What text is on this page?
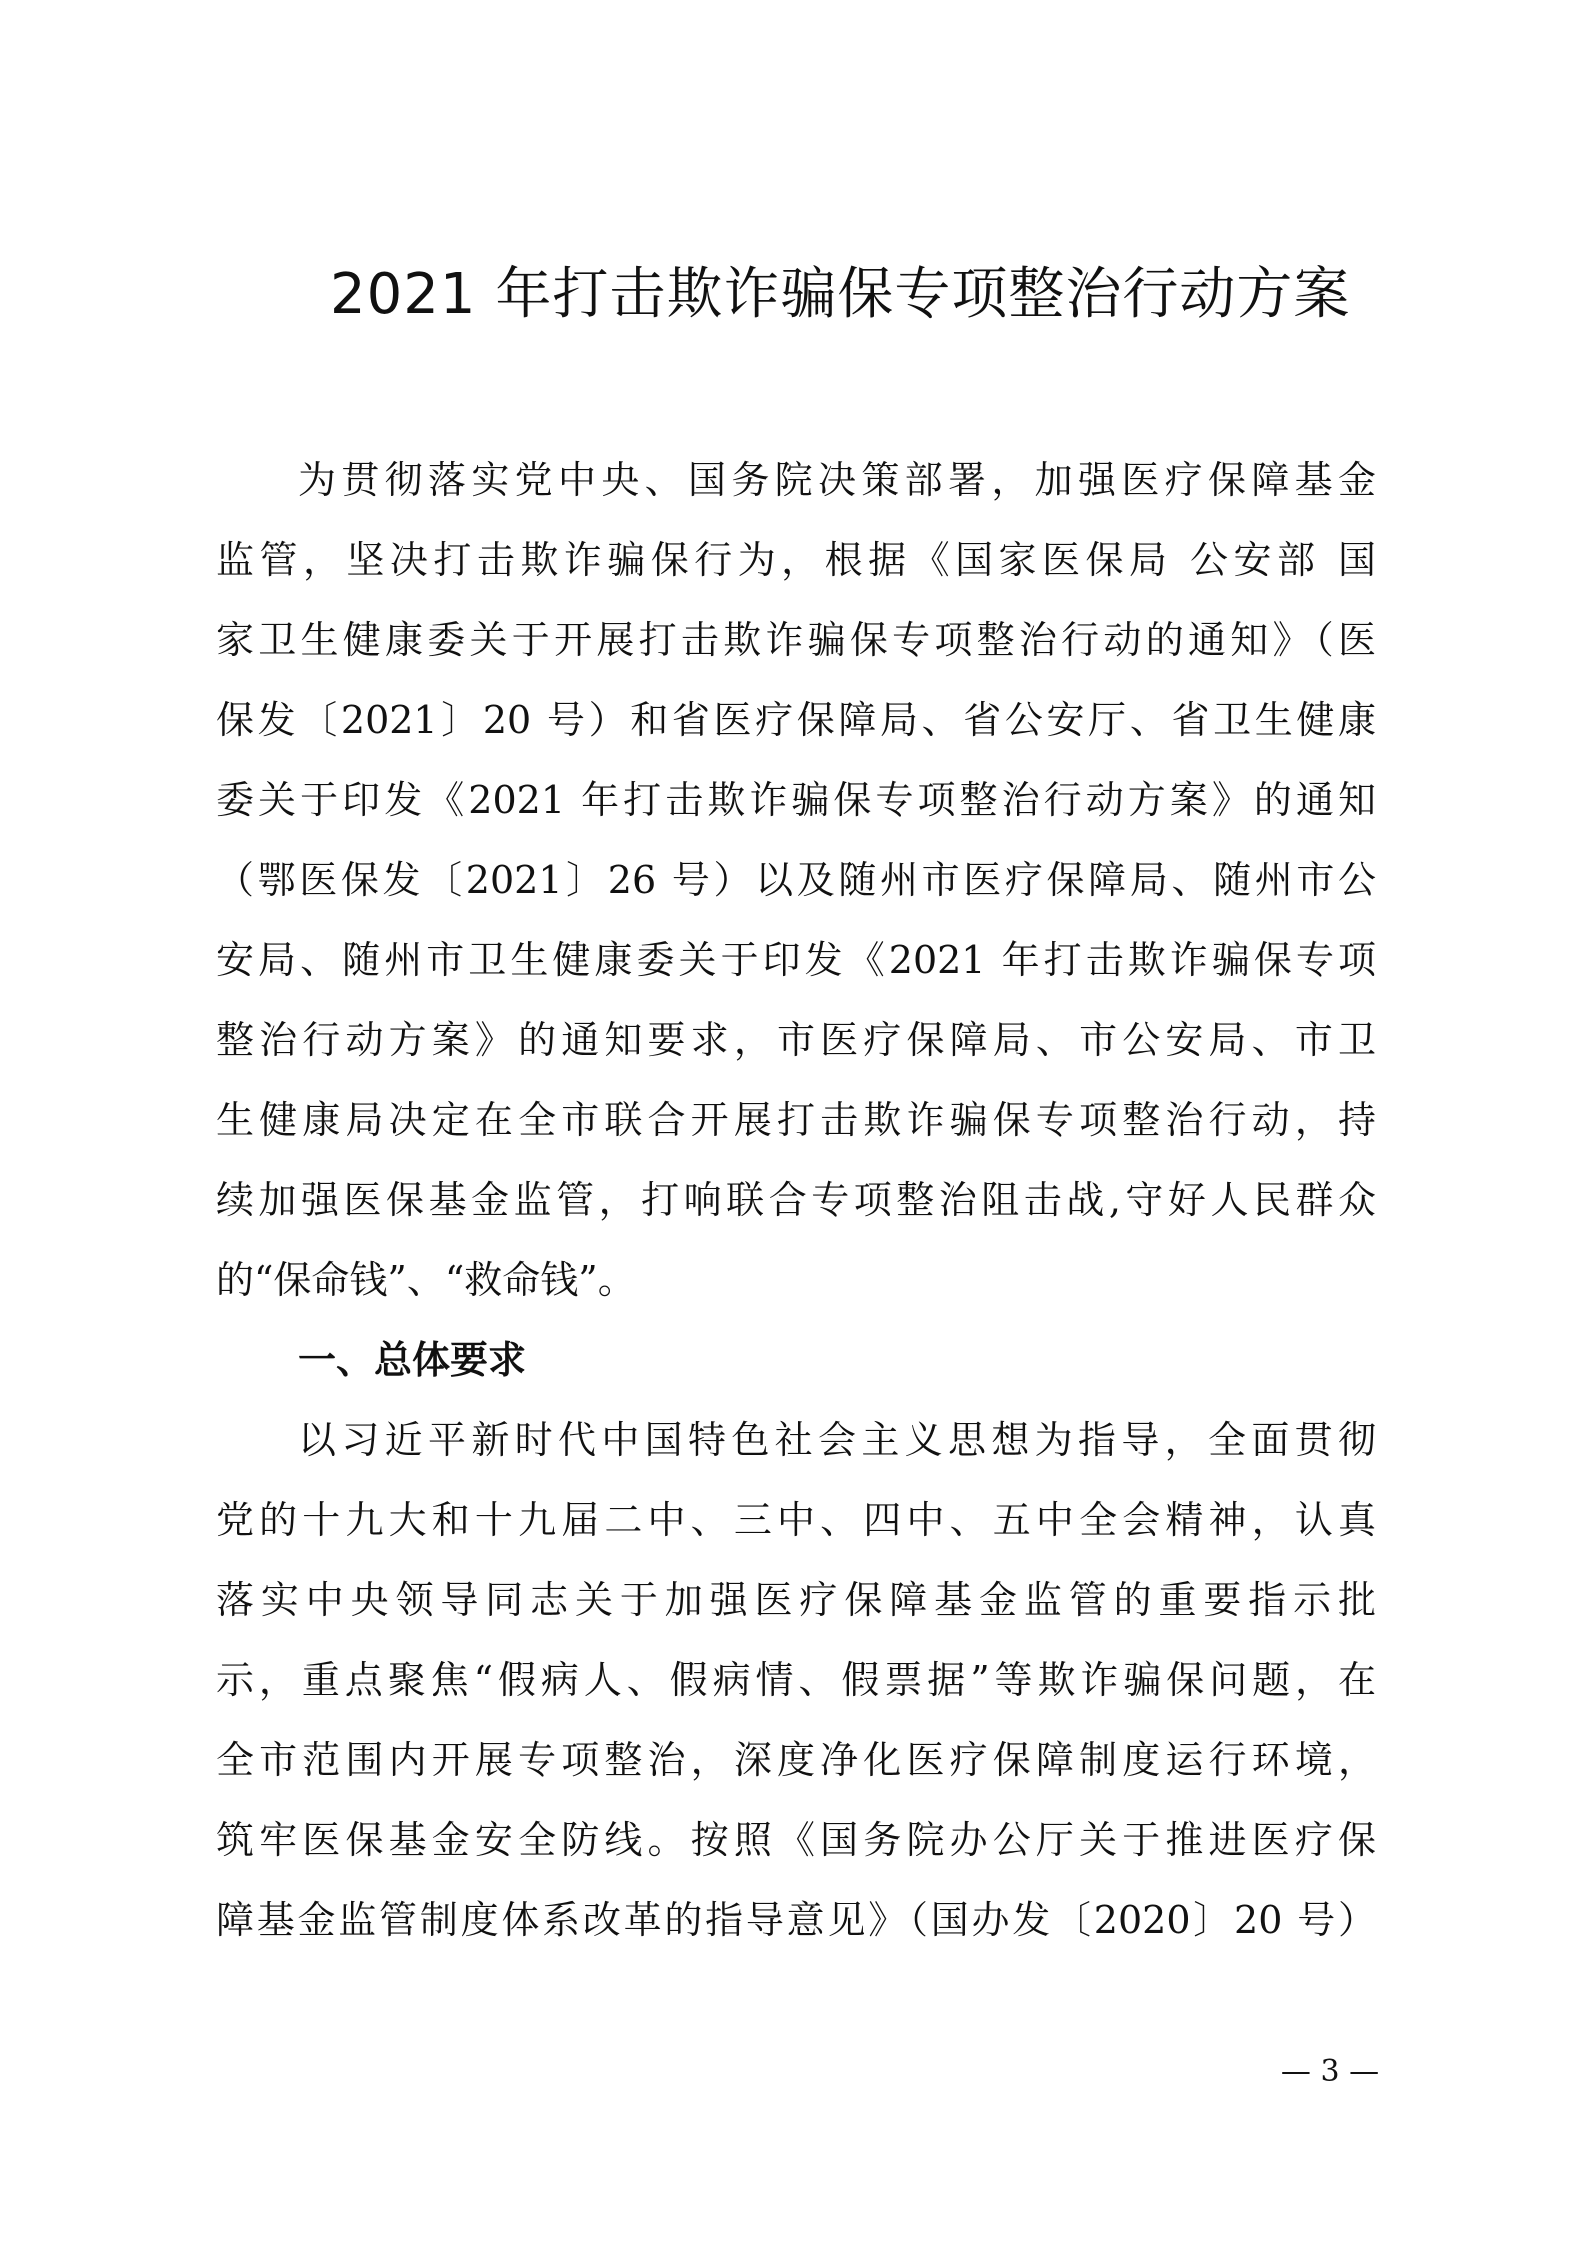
2021 年打击欺诈骗保专项整治行动方案
为贯彻落实党中央、国务院决策部署，加强医疗保障基金
监管，坚决打击欺诈骗保行为，根据《国家医保局 公安部 国
家卫生健康委关于开展打击欺诈骗保专项整治行动的通知》（医
保发〔2021〕20 号）和省医疗保障局、省公安厅、省卫生健康
委关于印发《2021 年打击欺诈骗保专项整治行动方案》的通知
（鄂医保发〔2021〕26 号）以及随州市医疗保障局、随州市公
安局、随州市卫生健康委关于印发《2021 年打击欺诈骗保专项
整治行动方案》的通知要求，市医疗保障局、市公安局、市卫
生健康局决定在全市联合开展打击欺诈骗保专项整治行动，持
续加强医保基金监管，打响联合专项整治阻击战,守好人民群众
的“保命钱”、“救命钱”。
一、总体要求
以习近平新时代中国特色社会主义思想为指导，全面贯彻
党的十九大和十九届二中、三中、四中、五中全会精神，认真
落实中央领导同志关于加强医疗保障基金监管的重要指示批
示，重点聚焦“假病人、假病情、假票据”等欺诈骗保问题，在
全市范围内开展专项整治，深度净化医疗保障制度运行环境，
筑牢医保基金安全防线。按照《国务院办公厅关于推进医疗保
障基金监管制度体系改革的指导意见》（国办发〔2020〕20 号）
— 3 —
